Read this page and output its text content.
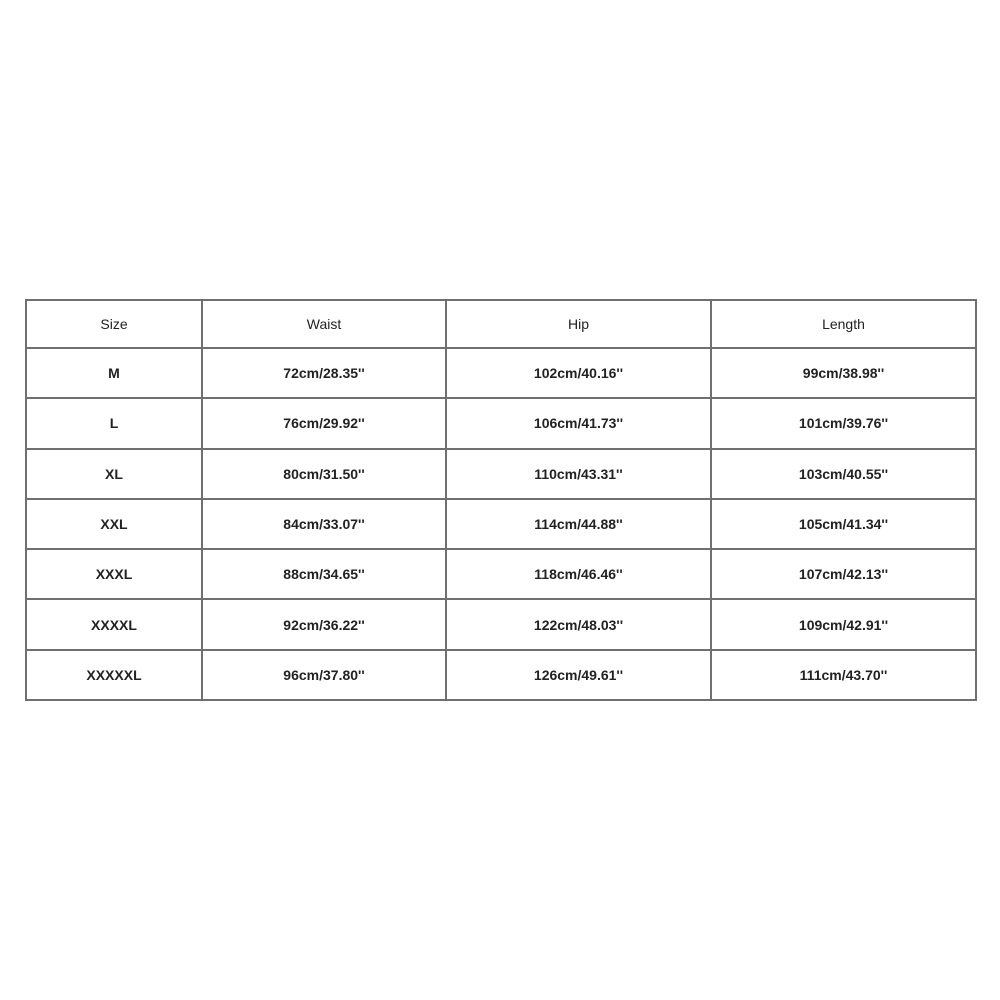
Size	Waist	Hip	Length
M	72cm/28.35''	102cm/40.16''	99cm/38.98''
L	76cm/29.92''	106cm/41.73''	101cm/39.76''
XL	80cm/31.50''	110cm/43.31''	103cm/40.55''
XXL	84cm/33.07''	114cm/44.88''	105cm/41.34''
XXXL	88cm/34.65''	118cm/46.46''	107cm/42.13''
XXXXL	92cm/36.22''	122cm/48.03''	109cm/42.91''
XXXXXL	96cm/37.80''	126cm/49.61''	111cm/43.70''
